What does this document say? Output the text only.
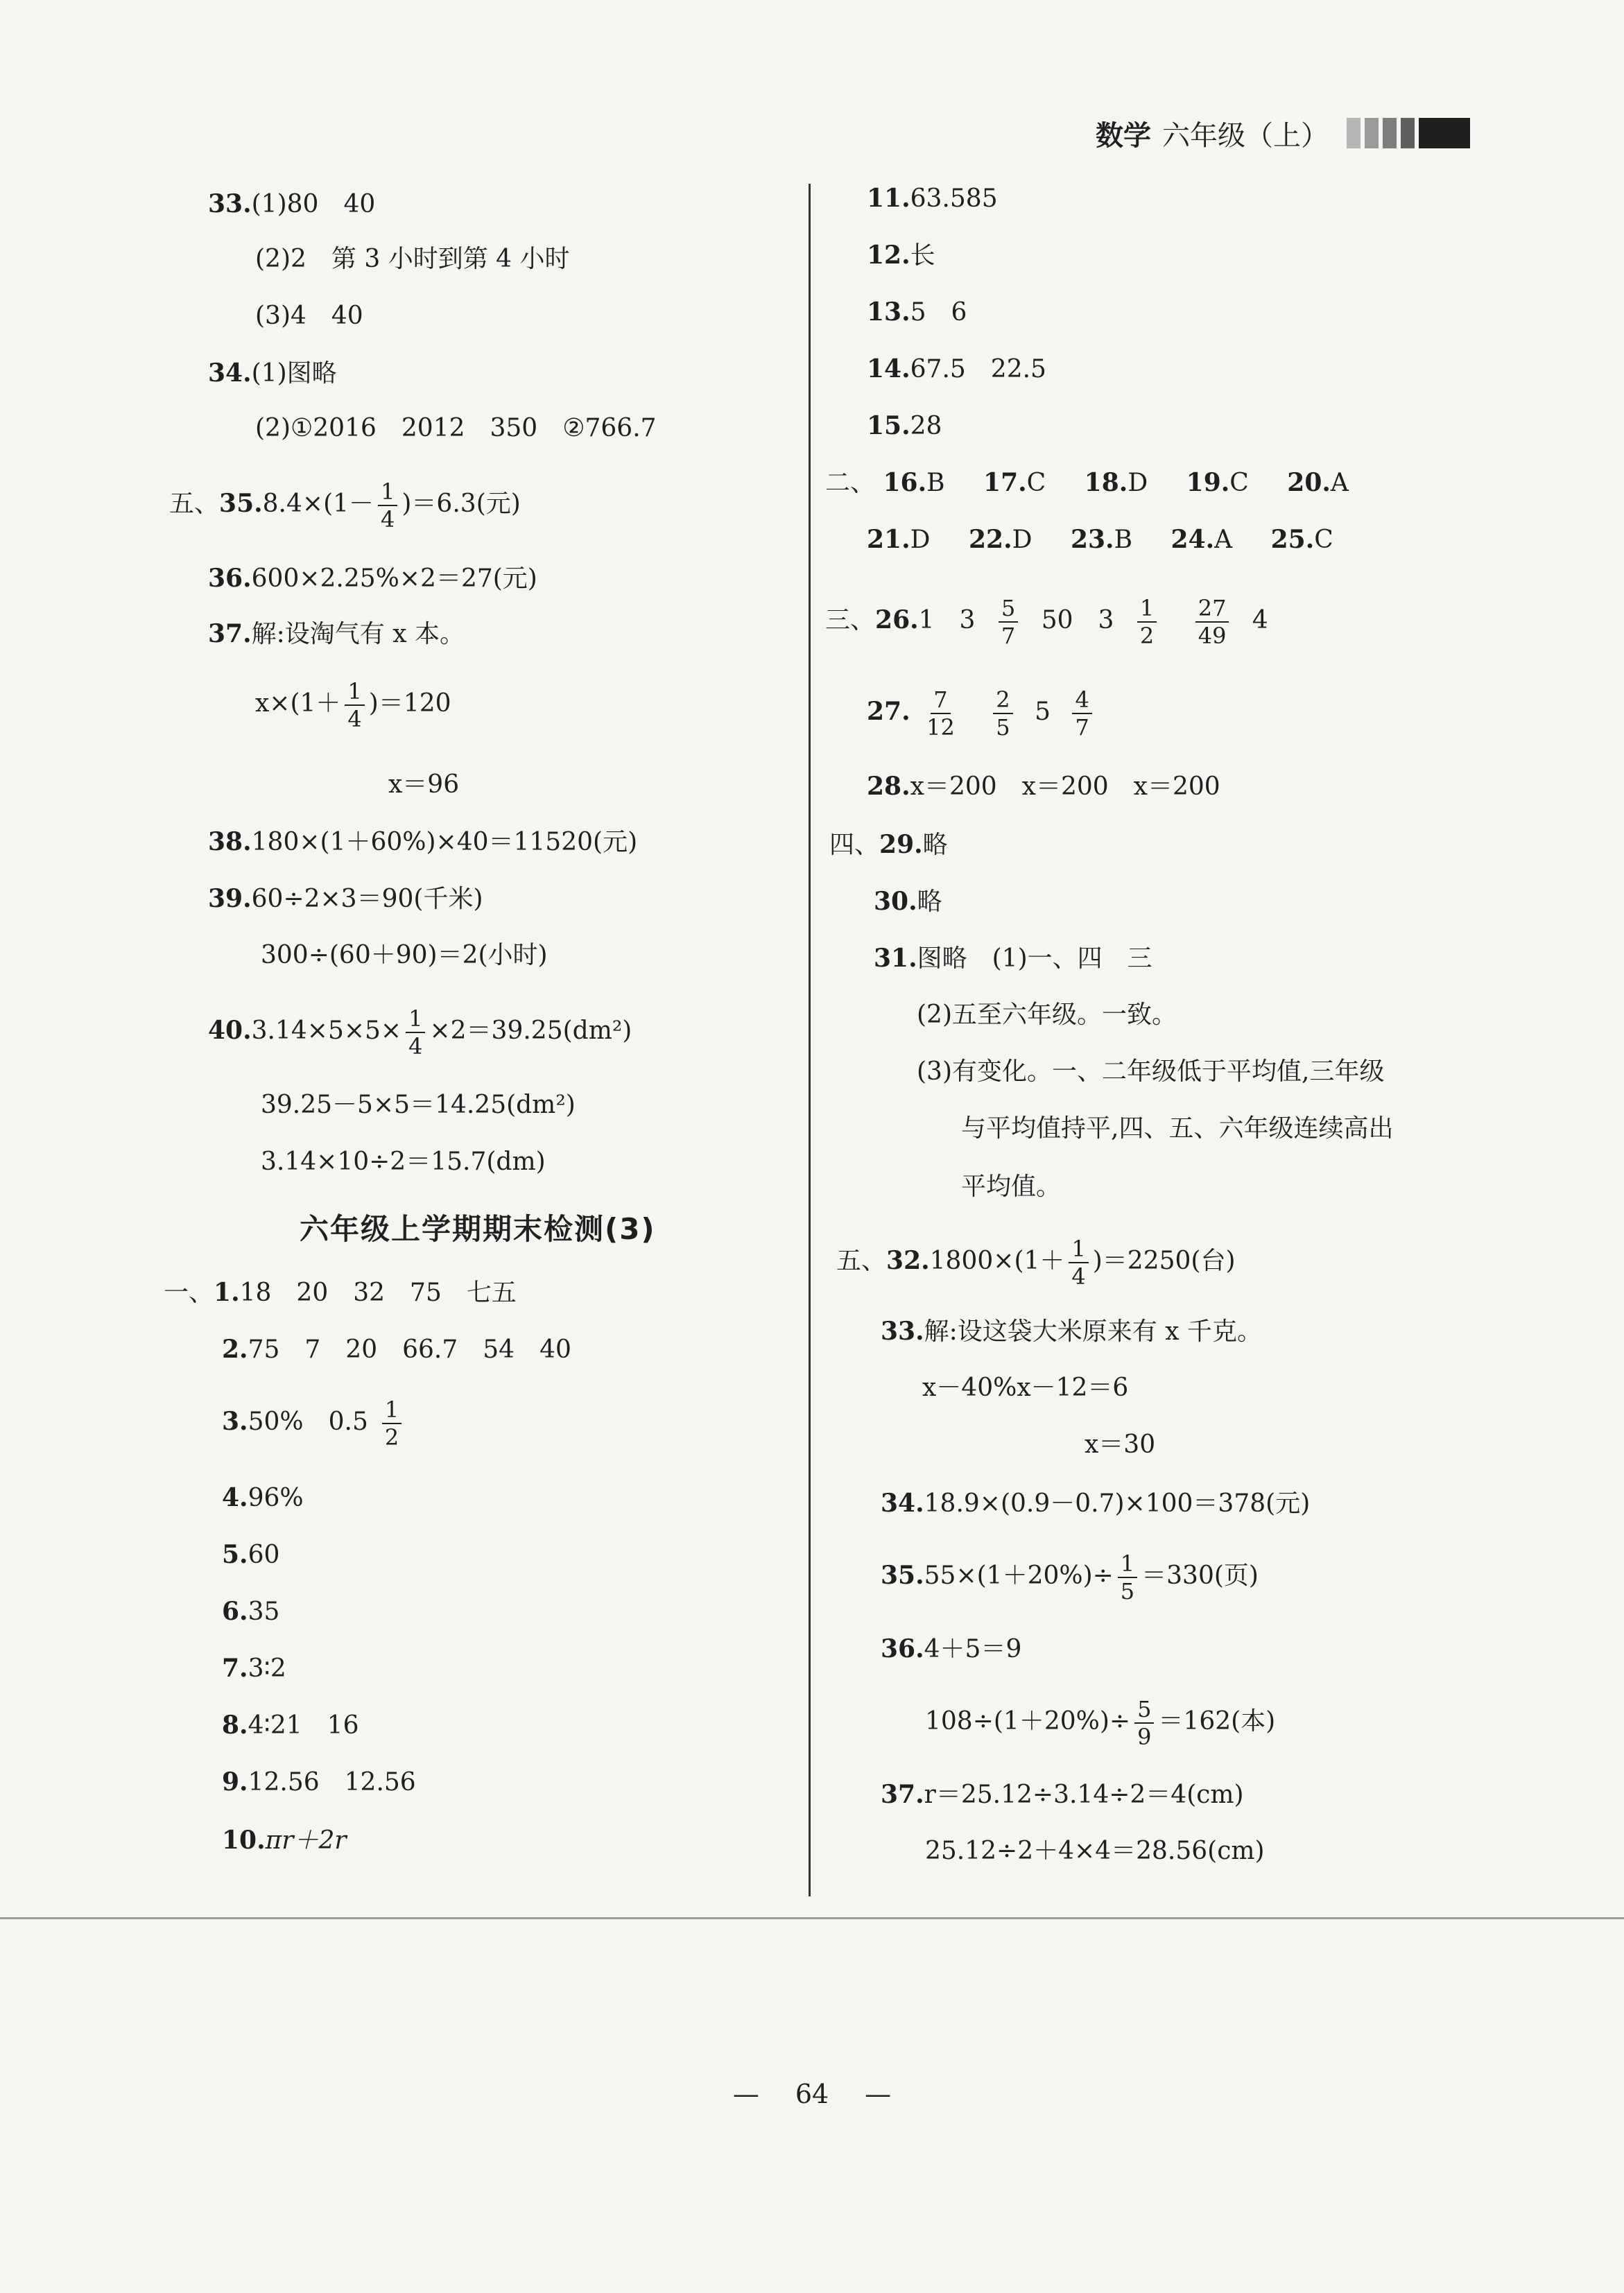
数学 六年级（上）
33.(1)80　40
(2)2　第 3 小时到第 4 小时
(3)4　40
34.(1)图略
(2)①2016　2012　350　②766.7
五、$35.8.4\times(1- \frac{1}{4} )=6.3$(元)
36.600×2.25%×2＝27(元)
37.解:设淘气有 x 本。
$x\times(1+ \frac{1}{4} )=120$
x＝96
38.180×(1＋60%)×40＝11520(元)
39.60÷2×3＝90(千米)
300÷(60＋90)＝2(小时)
$40.3.14\times 5\times 5\times \frac{1}{4} \times 2=39.25(dm^2)$
39.25－5×5＝14.25(dm²)
3.14×10÷2＝15.7(dm)
六年级上学期期末检测(3)
一、1.18　20　32　75　七五
2.75　7　20　66.7　54　40
3.50%　$0.5 \frac{1}{2}$
4.96%
5.60
6.35
7.3∶2
8.4∶21　16
9.12.56　12.56
10.πr＋2r
11.63.585
12.长
13.5　6
14.67.5　22.5
15.28
二、 16.B 17.C 18.D 19.C 20.A
21.D 22.D 23.B 24.A 25.C
三、26.1　$3 \frac{5}{7} 50$　$3 \frac{1}{2}$
$\frac{27}{49} 4$
27. $\frac{7}{12}$
$\frac{2}{5} 5 \frac{4}{7}$
28.x＝200　x＝200　x＝200
四、29.略
30.略
31.图略　(1)一、四　三
(2)五至六年级。一致。
(3)有变化。一、二年级低于平均值,三年级
与平均值持平,四、五、六年级连续高出
平均值。
五、$32.1800\times(1+ \frac{1}{4} )=2250$(台)
33.解:设这袋大米原来有 x 千克。
x－40%x－12＝6
x＝30
34.18.9×(0.9－0.7)×100＝378(元)
$35.55\times(1+20\%)\div \frac{1}{5} =330$(页)
36.4＋5＝9
$108\div(1+20\%)\div \frac{5}{9} =162$(本)
37.r＝25.12÷3.14÷2＝4(cm)
25.12÷2＋4×4＝28.56(cm)
— 64 —
